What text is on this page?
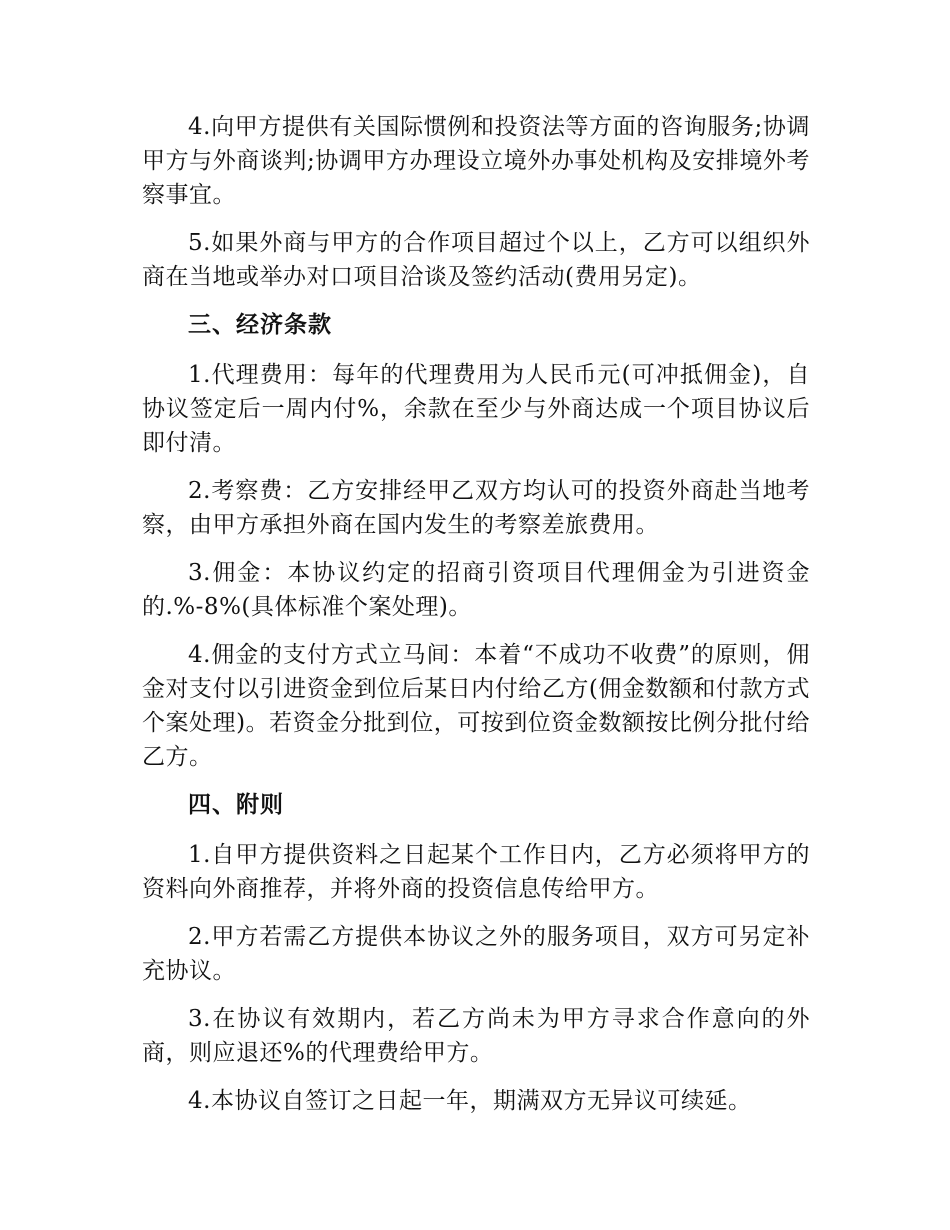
4.向甲方提供有关国际惯例和投资法等方面的咨询服务;协调甲方与外商谈判;协调甲方办理设立境外办事处机构及安排境外考察事宜。

5.如果外商与甲方的合作项目超过个以上，乙方可以组织外商在当地或举办对口项目洽谈及签约活动(费用另定)。

三、经济条款

1.代理费用：每年的代理费用为人民币元(可冲抵佣金)，自协议签定后一周内付%，余款在至少与外商达成一个项目协议后即付清。

2.考察费：乙方安排经甲乙双方均认可的投资外商赴当地考察，由甲方承担外商在国内发生的考察差旅费用。

3.佣金：本协议约定的招商引资项目代理佣金为引进资金的.%-8%(具体标准个案处理)。

4.佣金的支付方式立马间：本着“不成功不收费”的原则，佣金对支付以引进资金到位后某日内付给乙方(佣金数额和付款方式个案处理)。若资金分批到位，可按到位资金数额按比例分批付给乙方。

四、附则

1.自甲方提供资料之日起某个工作日内，乙方必须将甲方的资料向外商推荐，并将外商的投资信息传给甲方。

2.甲方若需乙方提供本协议之外的服务项目，双方可另定补充协议。

3.在协议有效期内，若乙方尚未为甲方寻求合作意向的外商，则应退还%的代理费给甲方。

4.本协议自签订之日起一年，期满双方无异议可续延。
